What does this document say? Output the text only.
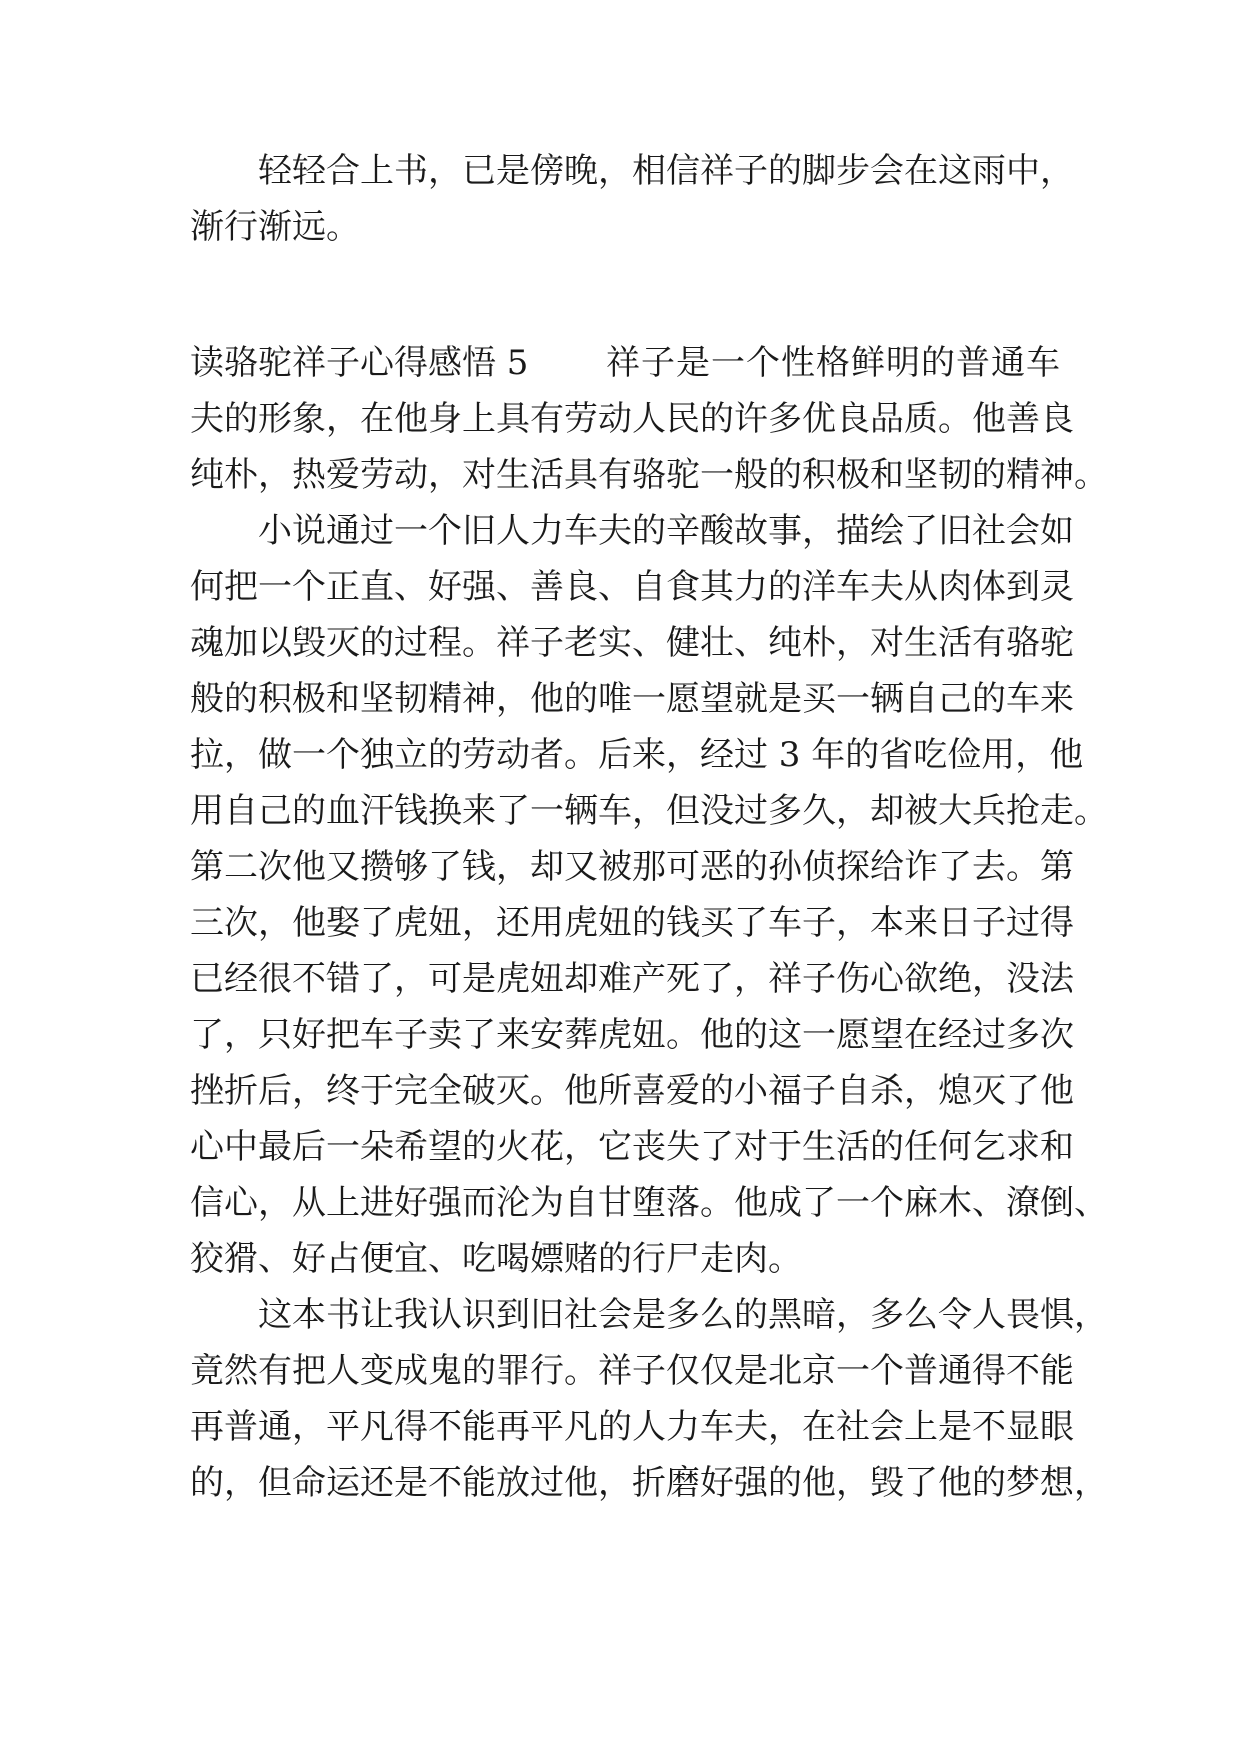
轻轻合上书，已是傍晚，相信祥子的脚步会在这雨中，
渐行渐远。
读骆驼祥子心得感悟 5 祥子是一个性格鲜明的普通车
夫的形象，在他身上具有劳动人民的许多优良品质。他善良
纯朴，热爱劳动，对生活具有骆驼一般的积极和坚韧的精神。
小说通过一个旧人力车夫的辛酸故事，描绘了旧社会如
何把一个正直、好强、善良、自食其力的洋车夫从肉体到灵
魂加以毁灭的过程。祥子老实、健壮、纯朴，对生活有骆驼
般的积极和坚韧精神，他的唯一愿望就是买一辆自己的车来
拉，做一个独立的劳动者。后来，经过 3 年的省吃俭用，他
用自己的血汗钱换来了一辆车，但没过多久，却被大兵抢走。
第二次他又攒够了钱，却又被那可恶的孙侦探给诈了去。第
三次，他娶了虎妞，还用虎妞的钱买了车子，本来日子过得
已经很不错了，可是虎妞却难产死了，祥子伤心欲绝，没法
了，只好把车子卖了来安葬虎妞。他的这一愿望在经过多次
挫折后，终于完全破灭。他所喜爱的小福子自杀，熄灭了他
心中最后一朵希望的火花，它丧失了对于生活的任何乞求和
信心，从上进好强而沦为自甘堕落。他成了一个麻木、潦倒、
狡猾、好占便宜、吃喝嫖赌的行尸走肉。
这本书让我认识到旧社会是多么的黑暗，多么令人畏惧，
竟然有把人变成鬼的罪行。祥子仅仅是北京一个普通得不能
再普通，平凡得不能再平凡的人力车夫，在社会上是不显眼
的，但命运还是不能放过他，折磨好强的他，毁了他的梦想，
